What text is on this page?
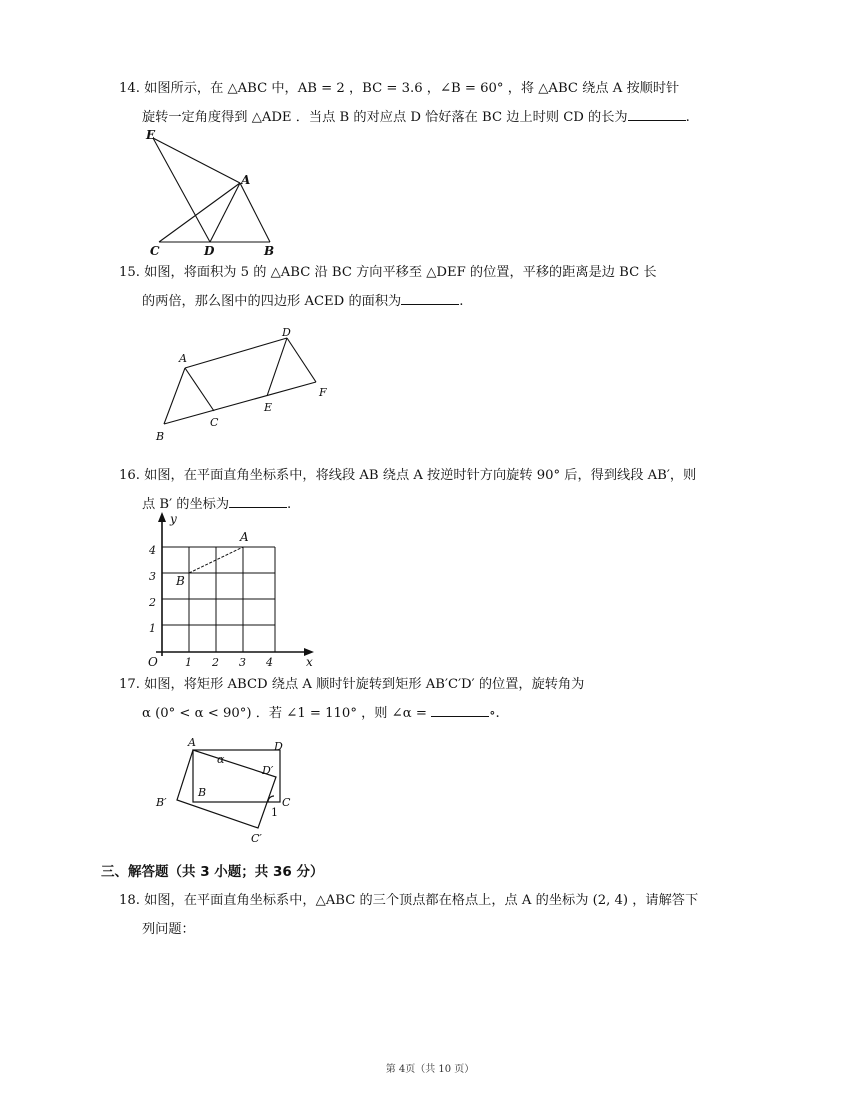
14. 如图所示，在 △ABC 中，AB = 2 ，BC = 3.6 ，∠B = 60° ，将 △ABC 绕点 A 按顺时针
旋转一定角度得到 △ADE ．当点 B 的对应点 D 恰好落在 BC 边上时则 CD 的长为	.
E
A
C	D	B
15. 如图，将面积为 5 的 △ABC 沿 BC 方向平移至 △DEF 的位置，平移的距离是边 BC 长
的两倍，那么图中的四边形 ACED 的面积为	.
A
D
F
E
C
B
16. 如图，在平面直角坐标系中，将线段 AB 绕点 A 按逆时针方向旋转 90° 后，得到线段 AB′，则
点 B′ 的坐标为	.
y
x
O
A
B
1 2 3 4
1
2
3
4
17. 如图，将矩形 ABCD 绕点 A 顺时针旋转到矩形 AB′C′D′ 的位置，旋转角为
α (0° < α < 90°) ．若 ∠1 = 110° ，则 ∠α =	∘.
A	D
α
D′
B
B′	C
1
C′
三、解答题（共 3 小题；共 36 分）
18. 如图，在平面直角坐标系中，△ABC 的三个顶点都在格点上，点 A 的坐标为 (2, 4) ，请解答下
列问题：
第 4页（共 10 页）
